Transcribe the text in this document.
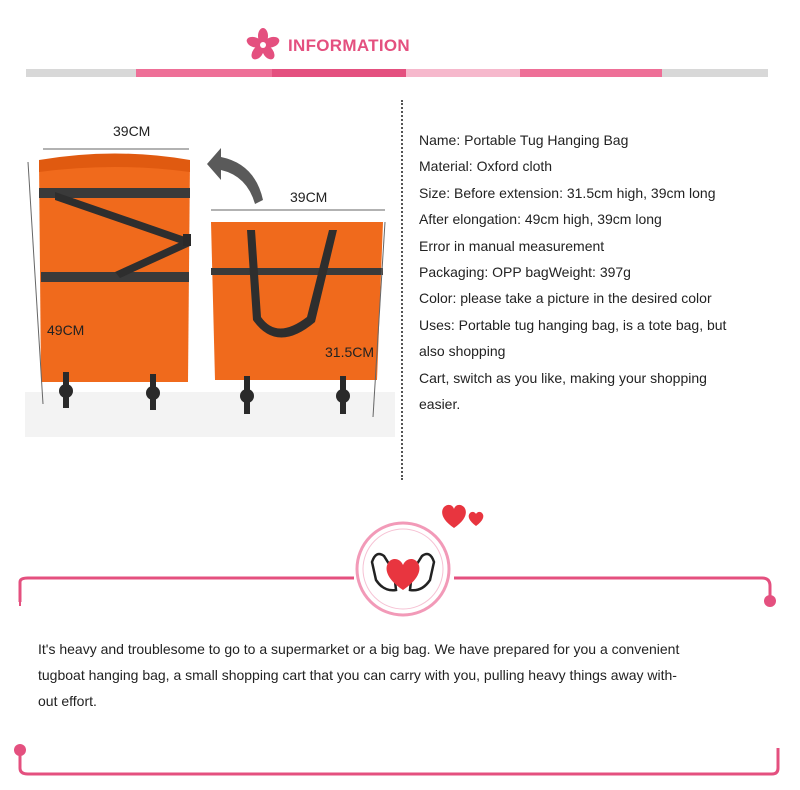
INFORMATION
39CM
49CM
39CM
31.5CM
Name: Portable Tug Hanging Bag
Material: Oxford cloth
Size: Before extension: 31.5cm high, 39cm long
After elongation: 49cm high, 39cm long
Error in manual measurement
Packaging: OPP bagWeight: 397g
Color: please take a picture in the desired color
Uses: Portable tug hanging bag, is a tote bag, but
also shopping
Cart, switch as you like, making your shopping
easier.
It's heavy and troublesome to go to a supermarket or a big bag. We have prepared for you a convenient
tugboat hanging bag, a small shopping cart that you can carry with you, pulling heavy things away with-
out effort.
